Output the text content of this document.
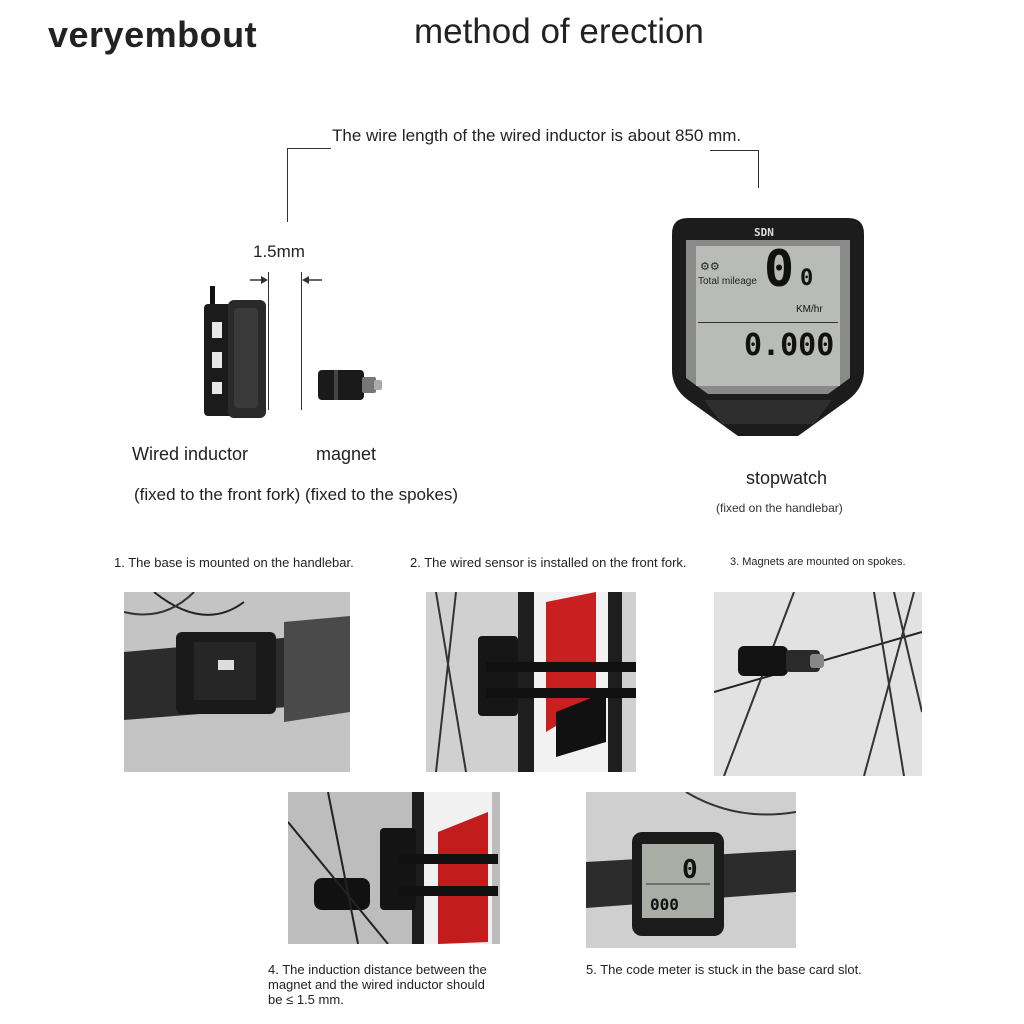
veryembout	method of erection
The wire length of the wired inductor is about 850 mm.
1.5mm
Wired inductor	magnet
(fixed to the front fork) (fixed to the spokes)
SDN
Total mileage
⚙⚙ 0 0
KM/hr
0.000
stopwatch
(fixed on the handlebar)
1. The base is mounted on the handlebar.	2. The wired sensor is installed on the front fork.	3. Magnets are mounted on spokes.
0
000
4. The induction distance between the magnet and the wired inductor should be ≤ 1.5 mm.
5. The code meter is stuck in the base card slot.
